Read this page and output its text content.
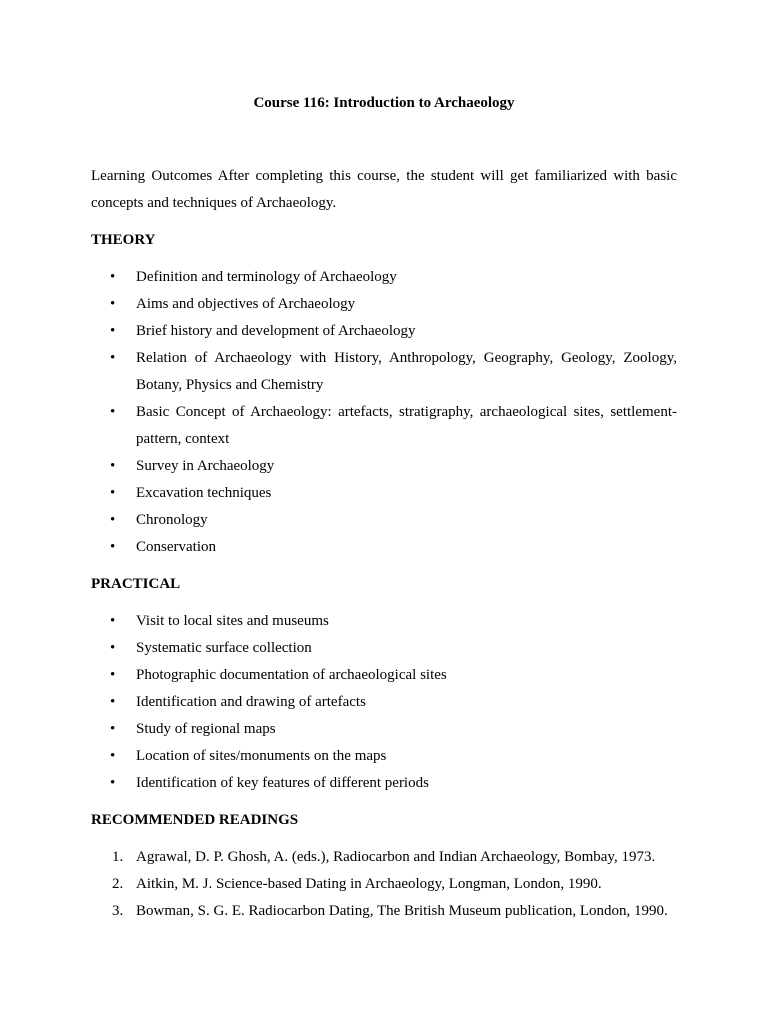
Course 116: Introduction to Archaeology

Learning Outcomes After completing this course, the student will get familiarized with basic concepts and techniques of Archaeology.

THEORY
• Definition and terminology of Archaeology
• Aims and objectives of Archaeology
• Brief history and development of Archaeology
• Relation of Archaeology with History, Anthropology, Geography, Geology, Zoology, Botany, Physics and Chemistry
• Basic Concept of Archaeology: artefacts, stratigraphy, archaeological sites, settlement-pattern, context
• Survey in Archaeology
• Excavation techniques
• Chronology
• Conservation
PRACTICAL
• Visit to local sites and museums
• Systematic surface collection
• Photographic documentation of archaeological sites
• Identification and drawing of artefacts
• Study of regional maps
• Location of sites/monuments on the maps
• Identification of key features of different periods
RECOMMENDED READINGS
1. Agrawal, D. P. Ghosh, A. (eds.), Radiocarbon and Indian Archaeology, Bombay, 1973.
2. Aitkin, M. J. Science-based Dating in Archaeology, Longman, London, 1990.
3. Bowman, S. G. E. Radiocarbon Dating, The British Museum publication, London, 1990.
